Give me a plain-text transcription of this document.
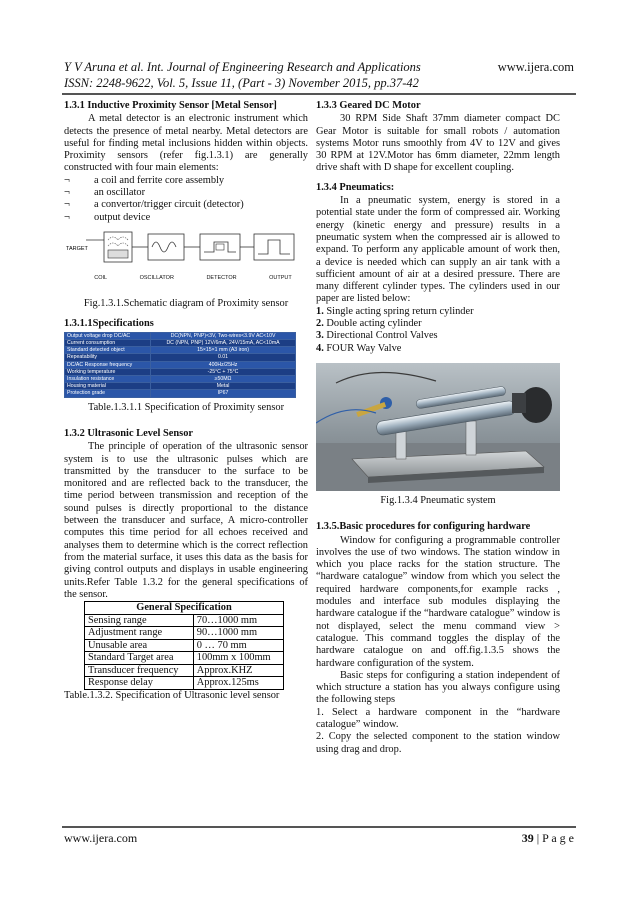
Y V Aruna et al. Int. Journal of Engineering Research and Applications
ISSN: 2248-9622, Vol. 5, Issue 11, (Part - 3) November 2015, pp.37-42
www.ijera.com
1.3.1 Inductive Proximity Sensor [Metal Sensor]

A metal detector is an electronic instrument which detects the presence of metal nearby. Metal detectors are useful for finding metal inclusions hidden within objects. Proximity sensors (refer fig.1.3.1) are generally constructed with four main elements:

¬ a coil and ferrite core assembly
¬ an oscillator
¬ a convertor/trigger circuit (detector)
¬ output device
TARGET
COIL	OSCILLATOR	DETECTOR	OUTPUT

Fig.1.3.1.Schematic diagram of Proximity sensor

1.3.1.1Specifications
Output voltage drop DC/AC	DC(NPN, PNP)<3V, Two-wires<3.9V AC<10V
Current consumption	DC (NPN, PNP) 12V/6mA, 24V/15mA, AC<10mA
Standard detected object	15×15×1 mm (A3 iron)
Repeatability	0.01
DC/AC Response frequency	400Hz/25Hz
Working temperature	-25°C + 75°C
Insulation resistance	≥50MΩ
Housing material	Metal
Protection grade	IP67

Table.1.3.1.1 Specification of Proximity sensor

1.3.2 Ultrasonic Level Sensor

The principle of operation of the ultrasonic sensor system is to use the ultrasonic pulses which are transmitted by the transducer to the surface to be monitored and are reflected back to the transducer, the time period between transmission and reception of the sound pulses is directly proportional to the distance between the transducer and surface, A micro-controller computes this time period for all echoes received and analyses them to determine which is the correct reflection from the material surface, it uses this data as the basis for giving control outputs and displays in usable engineering units.Refer Table 1.3.2 for the general specifications of the sensor.

General Specification	
Sensing range	70…1000 mm
Adjustment range	90…1000 mm
Unusable area	0 … 70 mm
Standard Target area	100mm x 100mm
Transducer frequency	Approx.KHZ
Response delay	Approx.125ms

Table.1.3.2. Specification of Ultrasonic level sensor

1.3.3 Geared DC Motor

30 RPM Side Shaft 37mm diameter compact DC Gear Motor is suitable for small robots / automation systems Motor runs smoothly from 4V to 12V and gives 30 RPM at 12V.Motor has 6mm diameter, 22mm length drive shaft with D shape for excellent coupling.

1.3.4 Pneumatics:

In a pneumatic system, energy is stored in a potential state under the form of compressed air. Working energy (kinetic energy and pressure) results in a pneumatic system when the compressed air is allowed to expand. To perform any applicable amount of work then, a device is needed which can supply an air tank with a sufficient amount of air at a desired pressure. There are many different cylinder types. The cylinders used in our paper are listed below:

1. Single acting spring return cylinder
2. Double acting cylinder
3. Directional Control Valves
4. FOUR Way Valve

Fig.1.3.4 Pneumatic system

1.3.5.Basic procedures for configuring hardware

Window for configuring a programmable controller involves the use of two windows. The station window in which you place racks for the station structure. The “hardware catalogue” window from which you select the required hardware components,for example racks , modules and interface sub modules displaying the hardware catalogue if the “hardware catalogue” window is not displayed, select the menu command view > catalogue. This command toggles the display of the hardware catalogue on and off.fig.1.3.5 shows the hardware configuration of the system.

Basic steps for configuring a station independent of which structure a station has you always configure using the following steps

1. Select a hardware component in the “hardware catalogue” window.

2. Copy the selected component to the station window using drag and drop.

www.ijera.com	39 | P a g e
